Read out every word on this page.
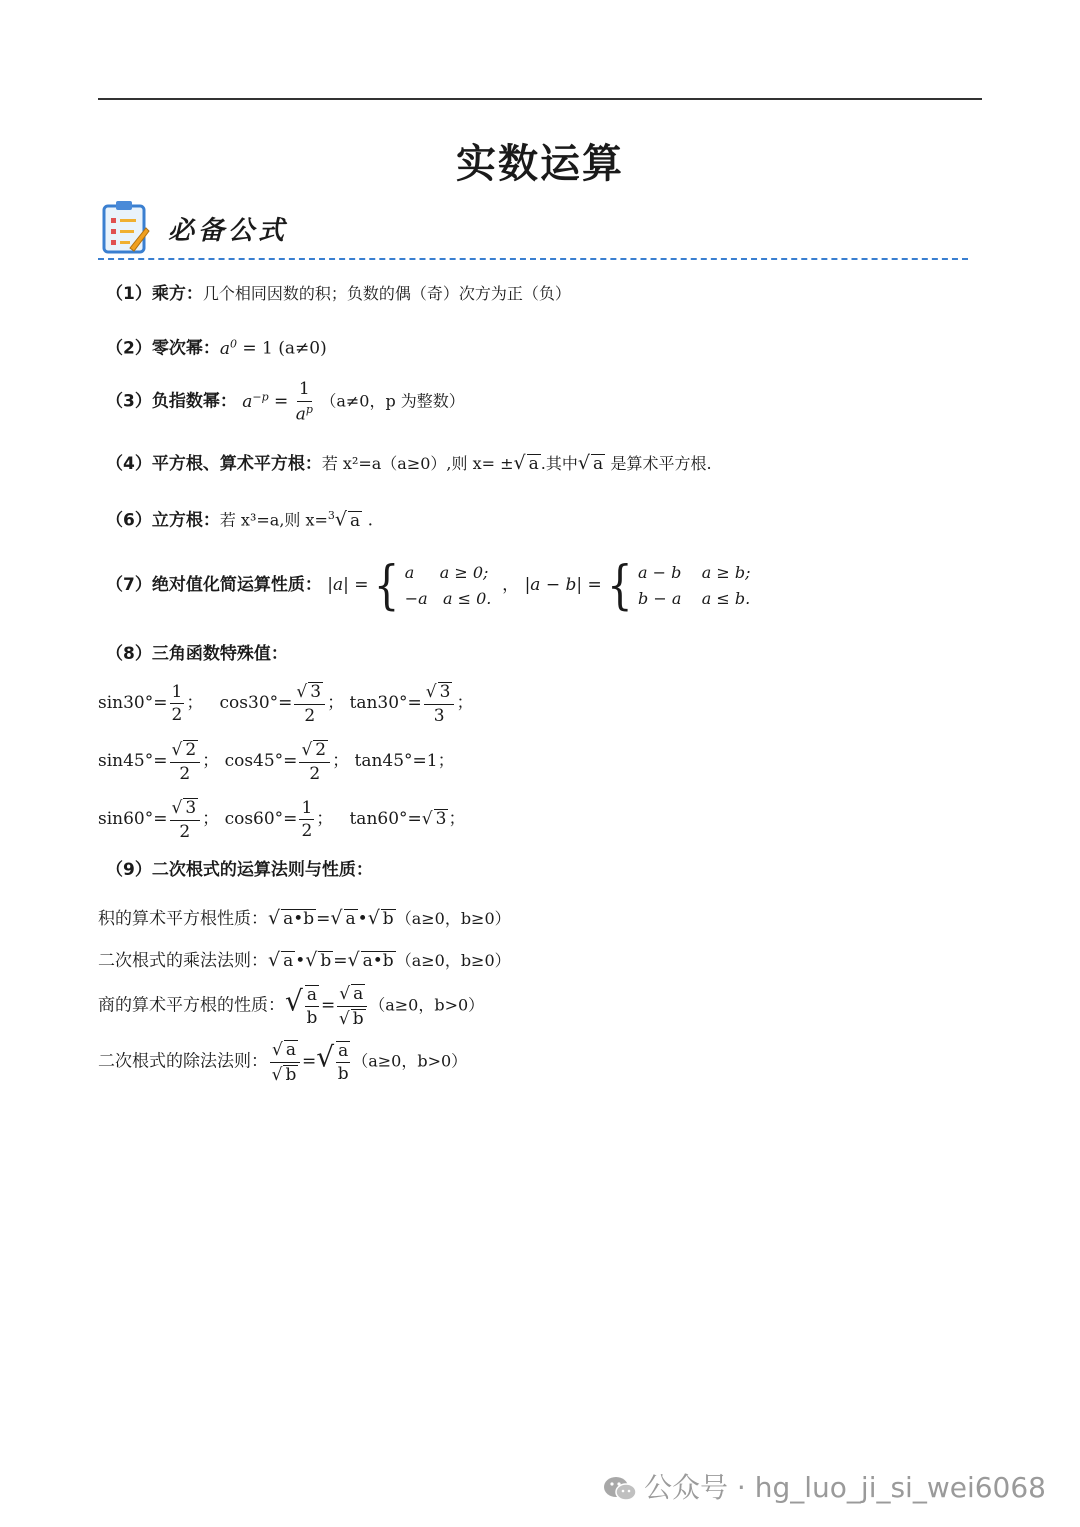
实数运算
必备公式
（1）乘方：几个相同因数的积；负数的偶（奇）次方为正（负）
（2）零次幂：$a^0 = 1$ (a≠0)
（3）负指数幂： $a^{-p} = \frac{1}{a^p} (a\ne 0$，p 为整数）
（4）平方根、算术平方根：若 x²=a（a≥0）,则 x= ±√ a .其中√ a 是算术平方根.
（6）立方根：若 x³=a,则 x=$^3$√ a .
（7）绝对值化简运算性质： |a| = { a     a ≥ 0;
−a   a ≤ 0.
， |a − b| = { a − b    a ≥ b;
b − a    a ≤ b.
（8）三角函数特殊值：
$\sin 30^\circ= \frac{1}{2}$ ；   $\cos 30^\circ= \frac{√ 3}{2}$ ； $\tan 30^\circ= \frac{√ 3}{3}$ ；
$\sin 45^\circ= \frac{√ 2}{2}$ ； $\cos 45^\circ= \frac{√ 2}{2}$ ； tan45°=1；
$\sin 60^\circ= \frac{√ 3}{2}$ ； $\cos 60^\circ= \frac{1}{2}$ ；   tan60°=√ 3 ；
（9）二次根式的运算法则与性质：
积的算术平方根性质：√ a•b =√ a •√ b （a≥0，b≥0）
二次根式的乘法法则：√ a •√ b =√ a•b （a≥0，b≥0）
商的算术平方根的性质：√ $\frac{a}{b} = \frac{√ a}{√ b} (a\ge 0$，b>0）
二次根式的除法法则： $\frac{√ a}{√ b}$ =√ $\frac{a}{b} (a\ge 0$，b>0）
公众号 · hg_luo_ji_si_wei6068
